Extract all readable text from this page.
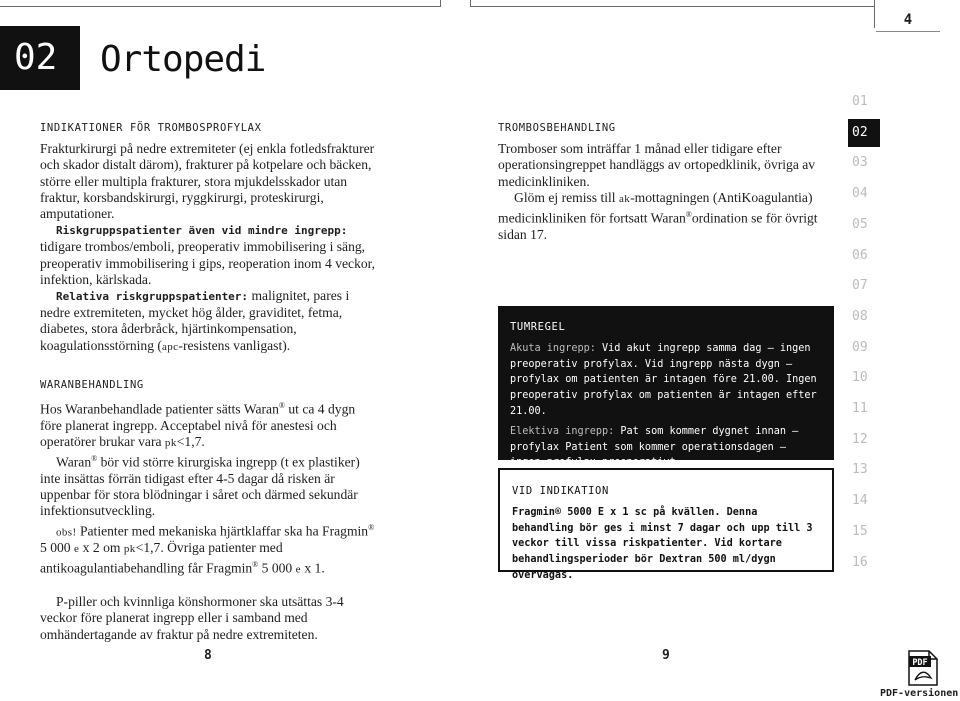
02	Ortopedi
4
INDIKATIONER FÖR TROMBOSPROFYLAX

Frakturkirurgi på nedre extremiteter (ej enkla fotledsfrakturer och skador distalt därom), frakturer på kotpelare och bäcken, större eller multipla frakturer, stora mjukdelsskador utan fraktur, korsbandskirurgi, ryggkirurgi, proteskirurgi, amputationer.

Riskgruppspatienter även vid mindre ingrepp: tidigare trombos/emboli, preoperativ immobilisering i säng, preoperativ immobilisering i gips, reoperation inom 4 veckor, infektion, kärlskada.

Relativa riskgruppspatienter: malignitet, pares i nedre extremiteten, mycket hög ålder, graviditet, fetma, diabetes, stora åderbråck, hjärtinkompensation, koagulationsstörning (apc-resistens vanligast).

WARANBEHANDLING

Hos Waranbehandlade patienter sätts Waran® ut ca 4 dygn före planerat ingrepp. Acceptabel nivå för anestesi och operatörer brukar vara pk<1,7.

Waran® bör vid större kirurgiska ingrepp (t ex plastiker) inte insättas förrän tidigast efter 4-5 dagar då risken är uppenbar för stora blödningar i såret och därmed sekundär infektionsutveckling.

obs! Patienter med mekaniska hjärtklaffar ska ha Fragmin® 5 000 e x 2 om pk<1,7. Övriga patienter med antikoagulantiabehandling får Fragmin® 5 000 e x 1.

P-piller och kvinnliga könshormoner ska utsättas 3-4 veckor före planerat ingrepp eller i samband med omhändertagande av fraktur på nedre extremiteten.

TROMBOSBEHANDLING

Tromboser som inträffar 1 månad eller tidigare efter operationsingreppet handläggs av ortopedklinik, övriga av medicinkliniken.

Glöm ej remiss till ak-mottagningen (AntiKoagulantia) medicinkliniken för fortsatt Waran®ordination se för övrigt sidan 17.

TUMREGEL
Akuta ingrepp: Vid akut ingrepp samma dag – ingen preoperativ profylax. Vid ingrepp nästa dygn – profylax om patienten är intagen före 21.00. Ingen preoperativ profylax om patienten är intagen efter 21.00.
Elektiva ingrepp: Pat som kommer dygnet innan – profylax Patient som kommer operationsdagen – ingen profylax preoperativt.
VID INDIKATION
Fragmin® 5000 E x 1 sc på kvällen. Denna behandling bör ges i minst 7 dagar och upp till 3 veckor till vissa riskpatienter. Vid kortare behandlingsperioder bör Dextran 500 ml/dygn övervägas.
01
02
03
04
05
06
07
08
09
10
11
12
13
14
15
16
8	9	PDF
PDF-versionen
